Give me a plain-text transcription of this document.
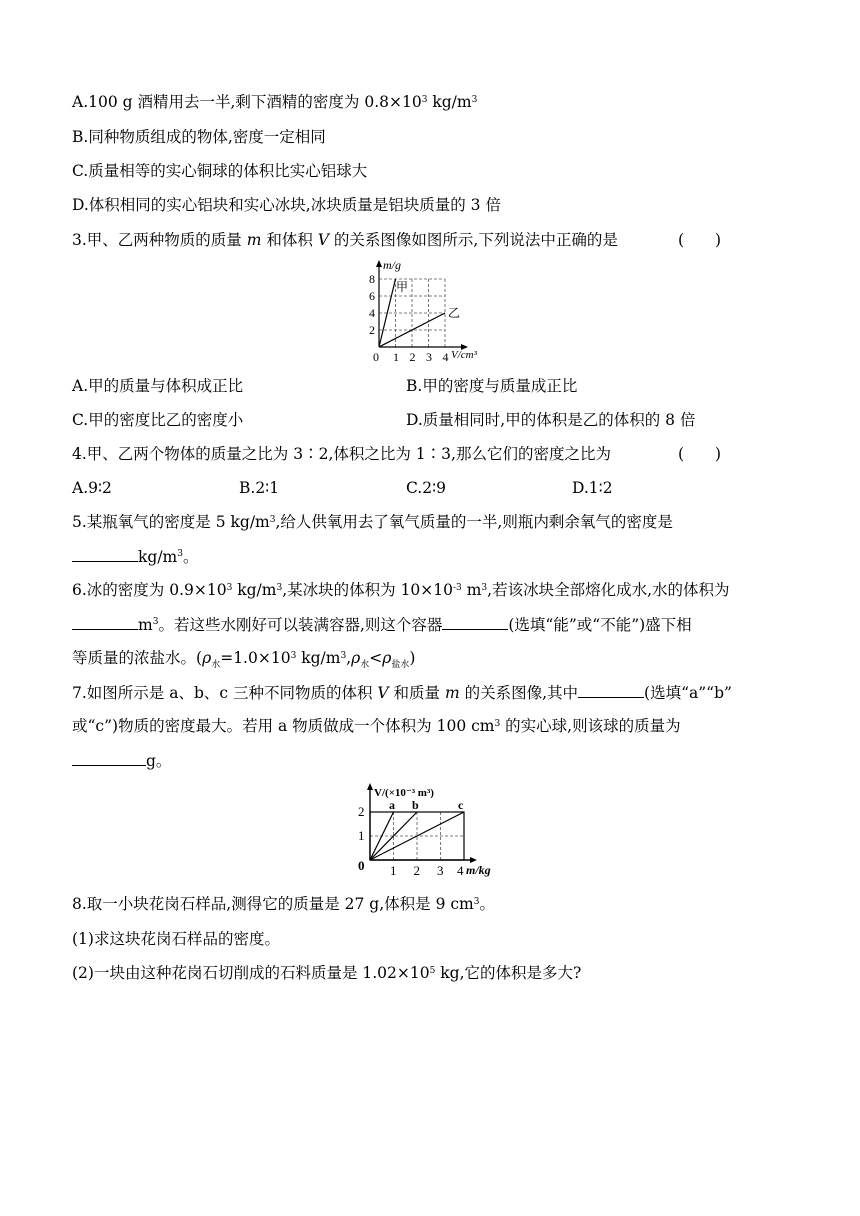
A.100 g 酒精用去一半,剩下酒精的密度为 $0.8\times 10^3$ $kg/m^3$
B.同种物质组成的物体,密度一定相同
C.质量相等的实心铜球的体积比实心铝球大
D.体积相同的实心铝块和实心冰块,冰块质量是铝块质量的 3 倍
3.甲、乙两种物质的质量 m 和体积 V 的关系图像如图所示,下列说法中正确的是	(　　)
m/g
V/cm³
0 1 2 3 4
2
4
6
8
甲
乙
A.甲的质量与体积成正比	B.甲的密度与质量成正比
C.甲的密度比乙的密度小	D.质量相同时,甲的体积是乙的体积的 8 倍
4.甲、乙两个物体的质量之比为 3∶2,体积之比为 1∶3,那么它们的密度之比为	(　　)
A.9∶2	B.2∶1	C.2∶9	D.1∶2
5.某瓶氧气的密度是 5 $kg/m^3$,给人供氧用去了氧气质量的一半,则瓶内剩余氧气的密度是
$kg/m^3$。
6.冰的密度为 $0.9\times 10^3$ $kg/m^3$,某冰块的体积为 $10\times 10^{-3}$ $m^3$,若该冰块全部熔化成水,水的体积为
$m^3$。若这些水刚好可以装满容器,则这个容器	(选填“能”或“不能”)盛下相
等质量的浓盐水。($\rho_水=1.0\times 10^3$ $kg/m^3,\rho_水<\rho_{盐水}$)
7.如图所示是 a、b、c 三种不同物质的体积 V 和质量 m 的关系图像,其中	(选填“a”“b”
或“c”)物质的密度最大。若用 a 物质做成一个体积为 100 $cm^3$ 的实心球,则该球的质量为
g。
V/(×10⁻³ m³)
m/kg
0 1 2 3 4
1
2 a b	c
8.取一小块花岗石样品,测得它的质量是 27 g,体积是 9 $cm^3$。
(1)求这块花岗石样品的密度。
(2)一块由这种花岗石切削成的石料质量是 $1.02\times 10^5$ kg,它的体积是多大?
